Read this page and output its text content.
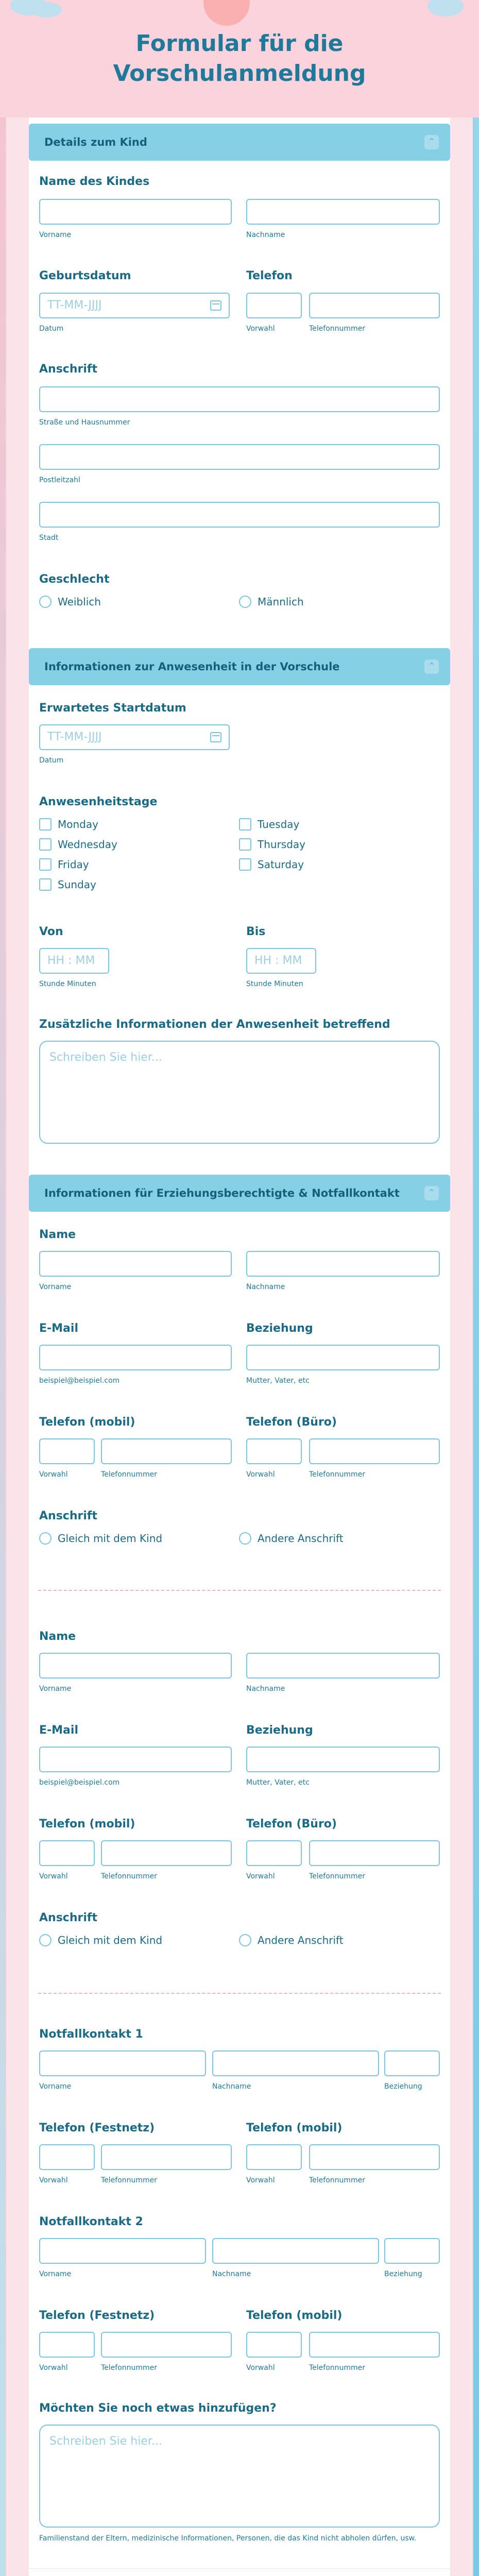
Formular für die
Vorschulanmeldung
Details zum Kind	⌃
Name des Kindes
Vorname	Nachname
Geburtsdatum
TT-MM-JJJJ
Datum
Telefon
Vorwahl	Telefonnummer
Anschrift
Straße und Hausnummer
Postleitzahl
Stadt
Geschlecht
Weiblich	Männlich
Informationen zur Anwesenheit in der Vorschule	⌃
Erwartetes Startdatum
TT-MM-JJJJ
Datum
Anwesenheitstage
Monday	Tuesday
Wednesday	Thursday
Friday	Saturday
Sunday
Von
HH : MM
Stunde Minuten
Bis
HH : MM
Stunde Minuten
Zusätzliche Informationen der Anwesenheit betreffend
Schreiben Sie hier...
Informationen für Erziehungsberechtigte & Notfallkontakt	⌃
Name
Vorname	Nachname
E-Mail
beispiel@beispiel.com
Beziehung
Mutter, Vater, etc
Telefon (mobil)
Vorwahl	Telefonnummer
Telefon (Büro)
Vorwahl	Telefonnummer
Anschrift
Gleich mit dem Kind	Andere Anschrift
Name
Vorname	Nachname
E-Mail
beispiel@beispiel.com
Beziehung
Mutter, Vater, etc
Telefon (mobil)
Vorwahl	Telefonnummer
Telefon (Büro)
Vorwahl	Telefonnummer
Anschrift
Gleich mit dem Kind	Andere Anschrift
Notfallkontakt 1
Vorname	Nachname	Beziehung
Telefon (Festnetz)
Vorwahl	Telefonnummer
Telefon (mobil)
Vorwahl	Telefonnummer
Notfallkontakt 2
Vorname	Nachname	Beziehung
Telefon (Festnetz)
Vorwahl	Telefonnummer
Telefon (mobil)
Vorwahl	Telefonnummer
Möchten Sie noch etwas hinzufügen?
Schreiben Sie hier...
Familienstand der Eltern, medizinische Informationen, Personen, die das Kind nicht abholen dürfen, usw.
